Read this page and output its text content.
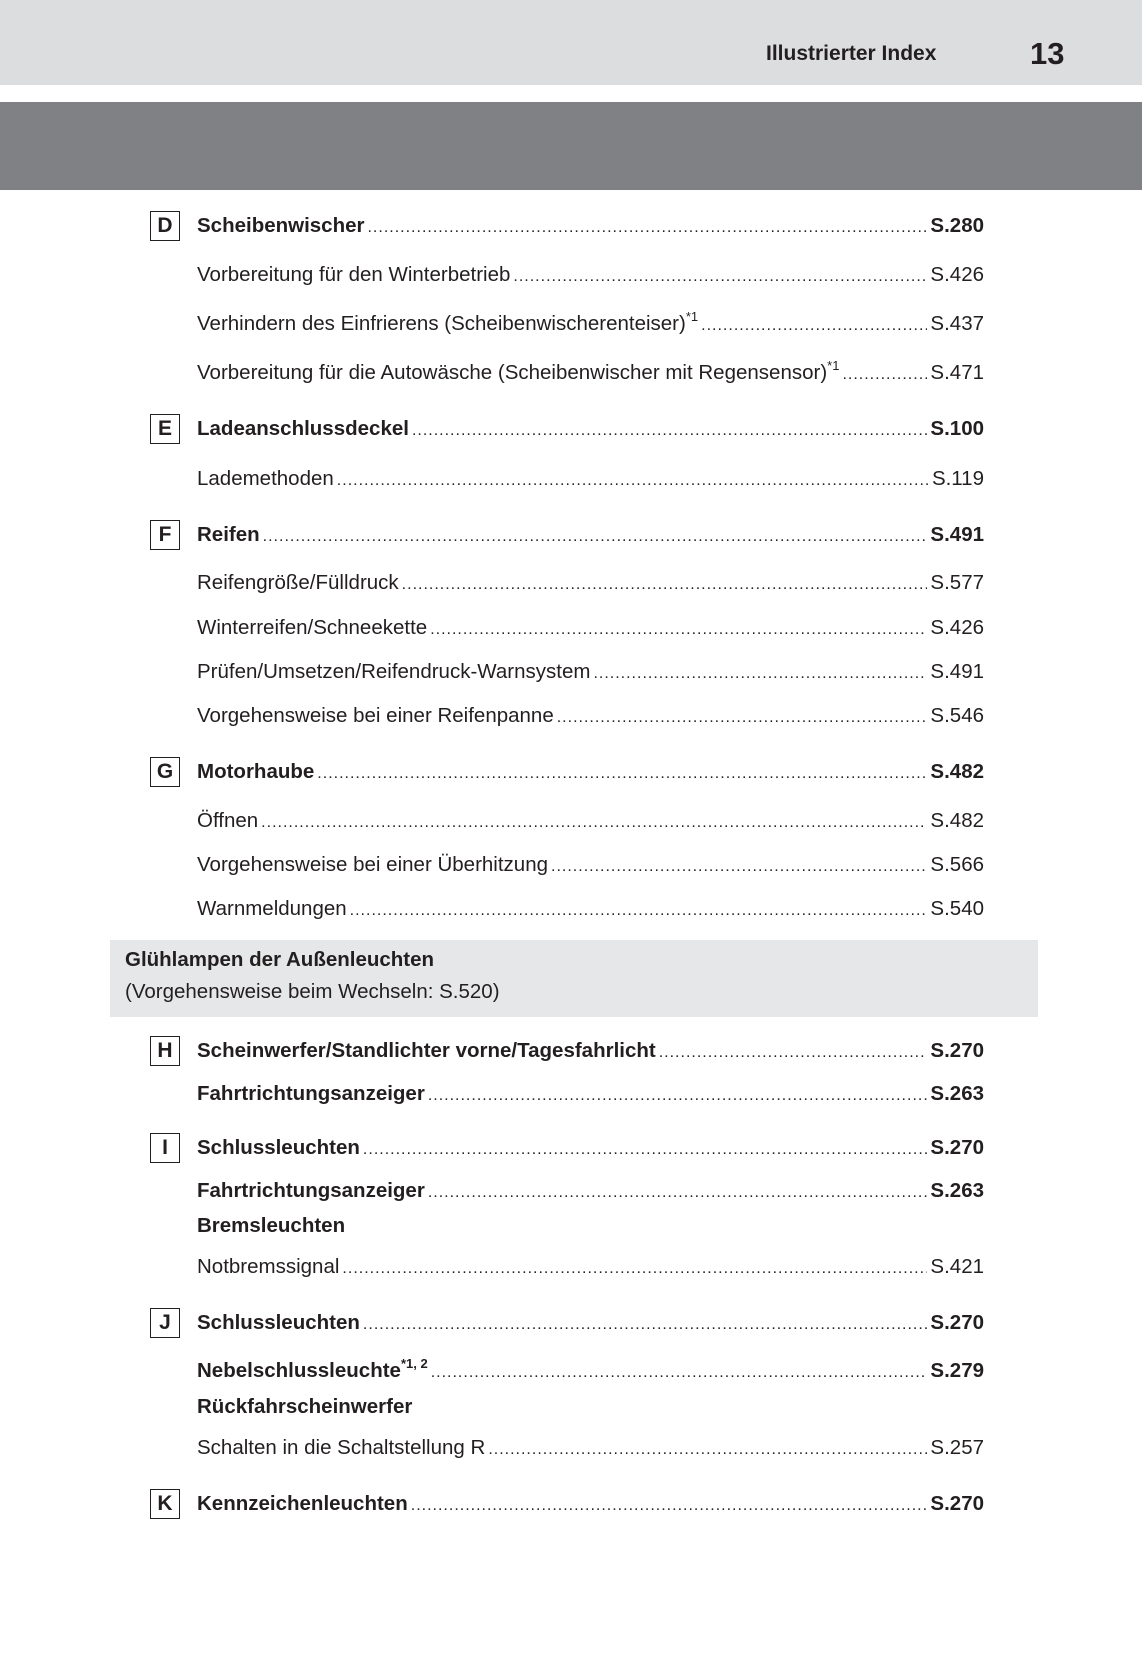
Illustrierter Index	13
D	Scheibenwischer .....	S.280
Vorbereitung für den Winterbetrieb .....	S.426
Verhindern des Einfrierens (Scheibenwischerenteiser)$^{*1}$ .....	S.437
Vorbereitung für die Autowäsche (Scheibenwischer mit Regensensor)$^{*1}$ .....	S.471
E	Ladeanschlussdeckel .....	S.100
Lademethoden .....	S.119
F	Reifen .....	S.491
Reifengröße/Fülldruck .....	S.577
Winterreifen/Schneekette .....	S.426
Prüfen/Umsetzen/Reifendruck-Warnsystem .....	S.491
Vorgehensweise bei einer Reifenpanne .....	S.546
G	Motorhaube .....	S.482
Öffnen .....	S.482
Vorgehensweise bei einer Überhitzung .....	S.566
Warnmeldungen .....	S.540
H	Scheinwerfer/Standlichter vorne/Tagesfahrlicht .....	S.270
Fahrtrichtungsanzeiger .....	S.263
I	Schlussleuchten .....	S.270
Fahrtrichtungsanzeiger .....	S.263
Bremsleuchten
Notbremssignal .....	S.421
J	Schlussleuchten .....	S.270
Nebelschlussleuchte$^{*1, 2}$ .....	S.279
Rückfahrscheinwerfer
Schalten in die Schaltstellung R .....	S.257
K	Kennzeichenleuchten .....	S.270
Glühlampen der Außenleuchten
(Vorgehensweise beim Wechseln: S.520)
